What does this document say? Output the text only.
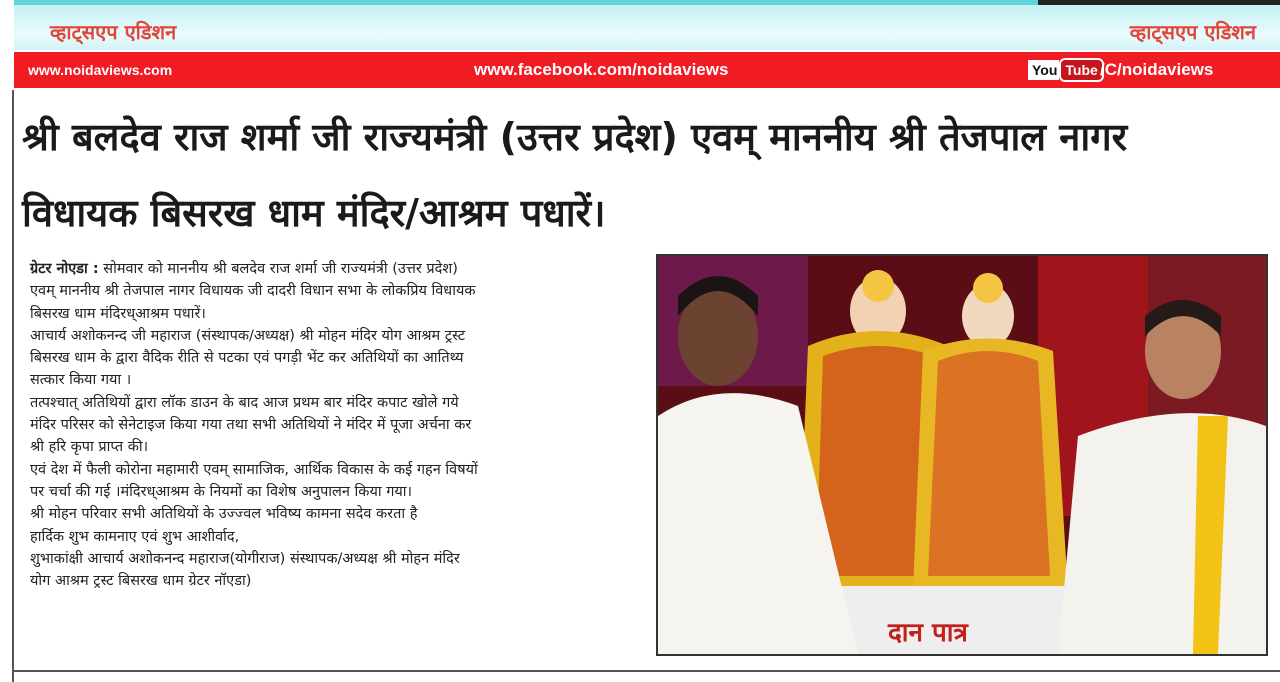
व्हाट्सएप एडिशन	व्हाट्सएप एडिशन
www.noidaviews.com	www.facebook.com/noidaviews	You Tube /C/noidaviews
श्री बलदेव राज शर्मा जी राज्यमंत्री (उत्तर प्रदेश) एवम् माननीय श्री तेजपाल नागर
विधायक बिसरख धाम मंदिर/आश्रम पधारें।

ग्रेटर नोएडा : सोमवार को माननीय श्री बलदेव राज शर्मा जी राज्यमंत्री (उत्तर प्रदेश)

एवम् माननीय श्री तेजपाल नागर विधायक जी दादरी विधान सभा के लोकप्रिय विधायक

बिसरख धाम मंदिरध्आश्रम पधारें।

आचार्य अशोकनन्द जी महाराज (संस्थापक/अध्यक्ष) श्री मोहन मंदिर योग आश्रम ट्रस्ट

बिसरख धाम के द्वारा वैदिक रीति से पटका एवं पगड़ी भेंट कर अतिथियों का आतिथ्य

सत्कार किया गया ।

तत्पश्चात् अतिथियों द्वारा लॉक डाउन के बाद आज प्रथम बार मंदिर कपाट खोले गये

मंदिर परिसर को सेनेटाइज किया गया तथा सभी अतिथियों ने मंदिर में पूजा अर्चना कर

श्री हरि कृपा प्राप्त की।

एवं देश में फैली कोरोना महामारी एवम् सामाजिक, आर्थिक विकास के कई गहन विषयों

पर चर्चा की गई ।मंदिरध्आश्रम के नियमों का विशेष अनुपालन किया गया।

श्री मोहन परिवार सभी अतिथियों के उज्ज्वल भविष्य कामना सदेव करता है

हार्दिक शुभ कामनाए एवं शुभ आशीर्वाद,

शुभाकांक्षी आचार्य अशोकनन्द महाराज(योगीराज) संस्थापक/अध्यक्ष श्री मोहन मंदिर

योग आश्रम ट्रस्ट बिसरख धाम ग्रेटर नॉएडा)

दान पात्र
